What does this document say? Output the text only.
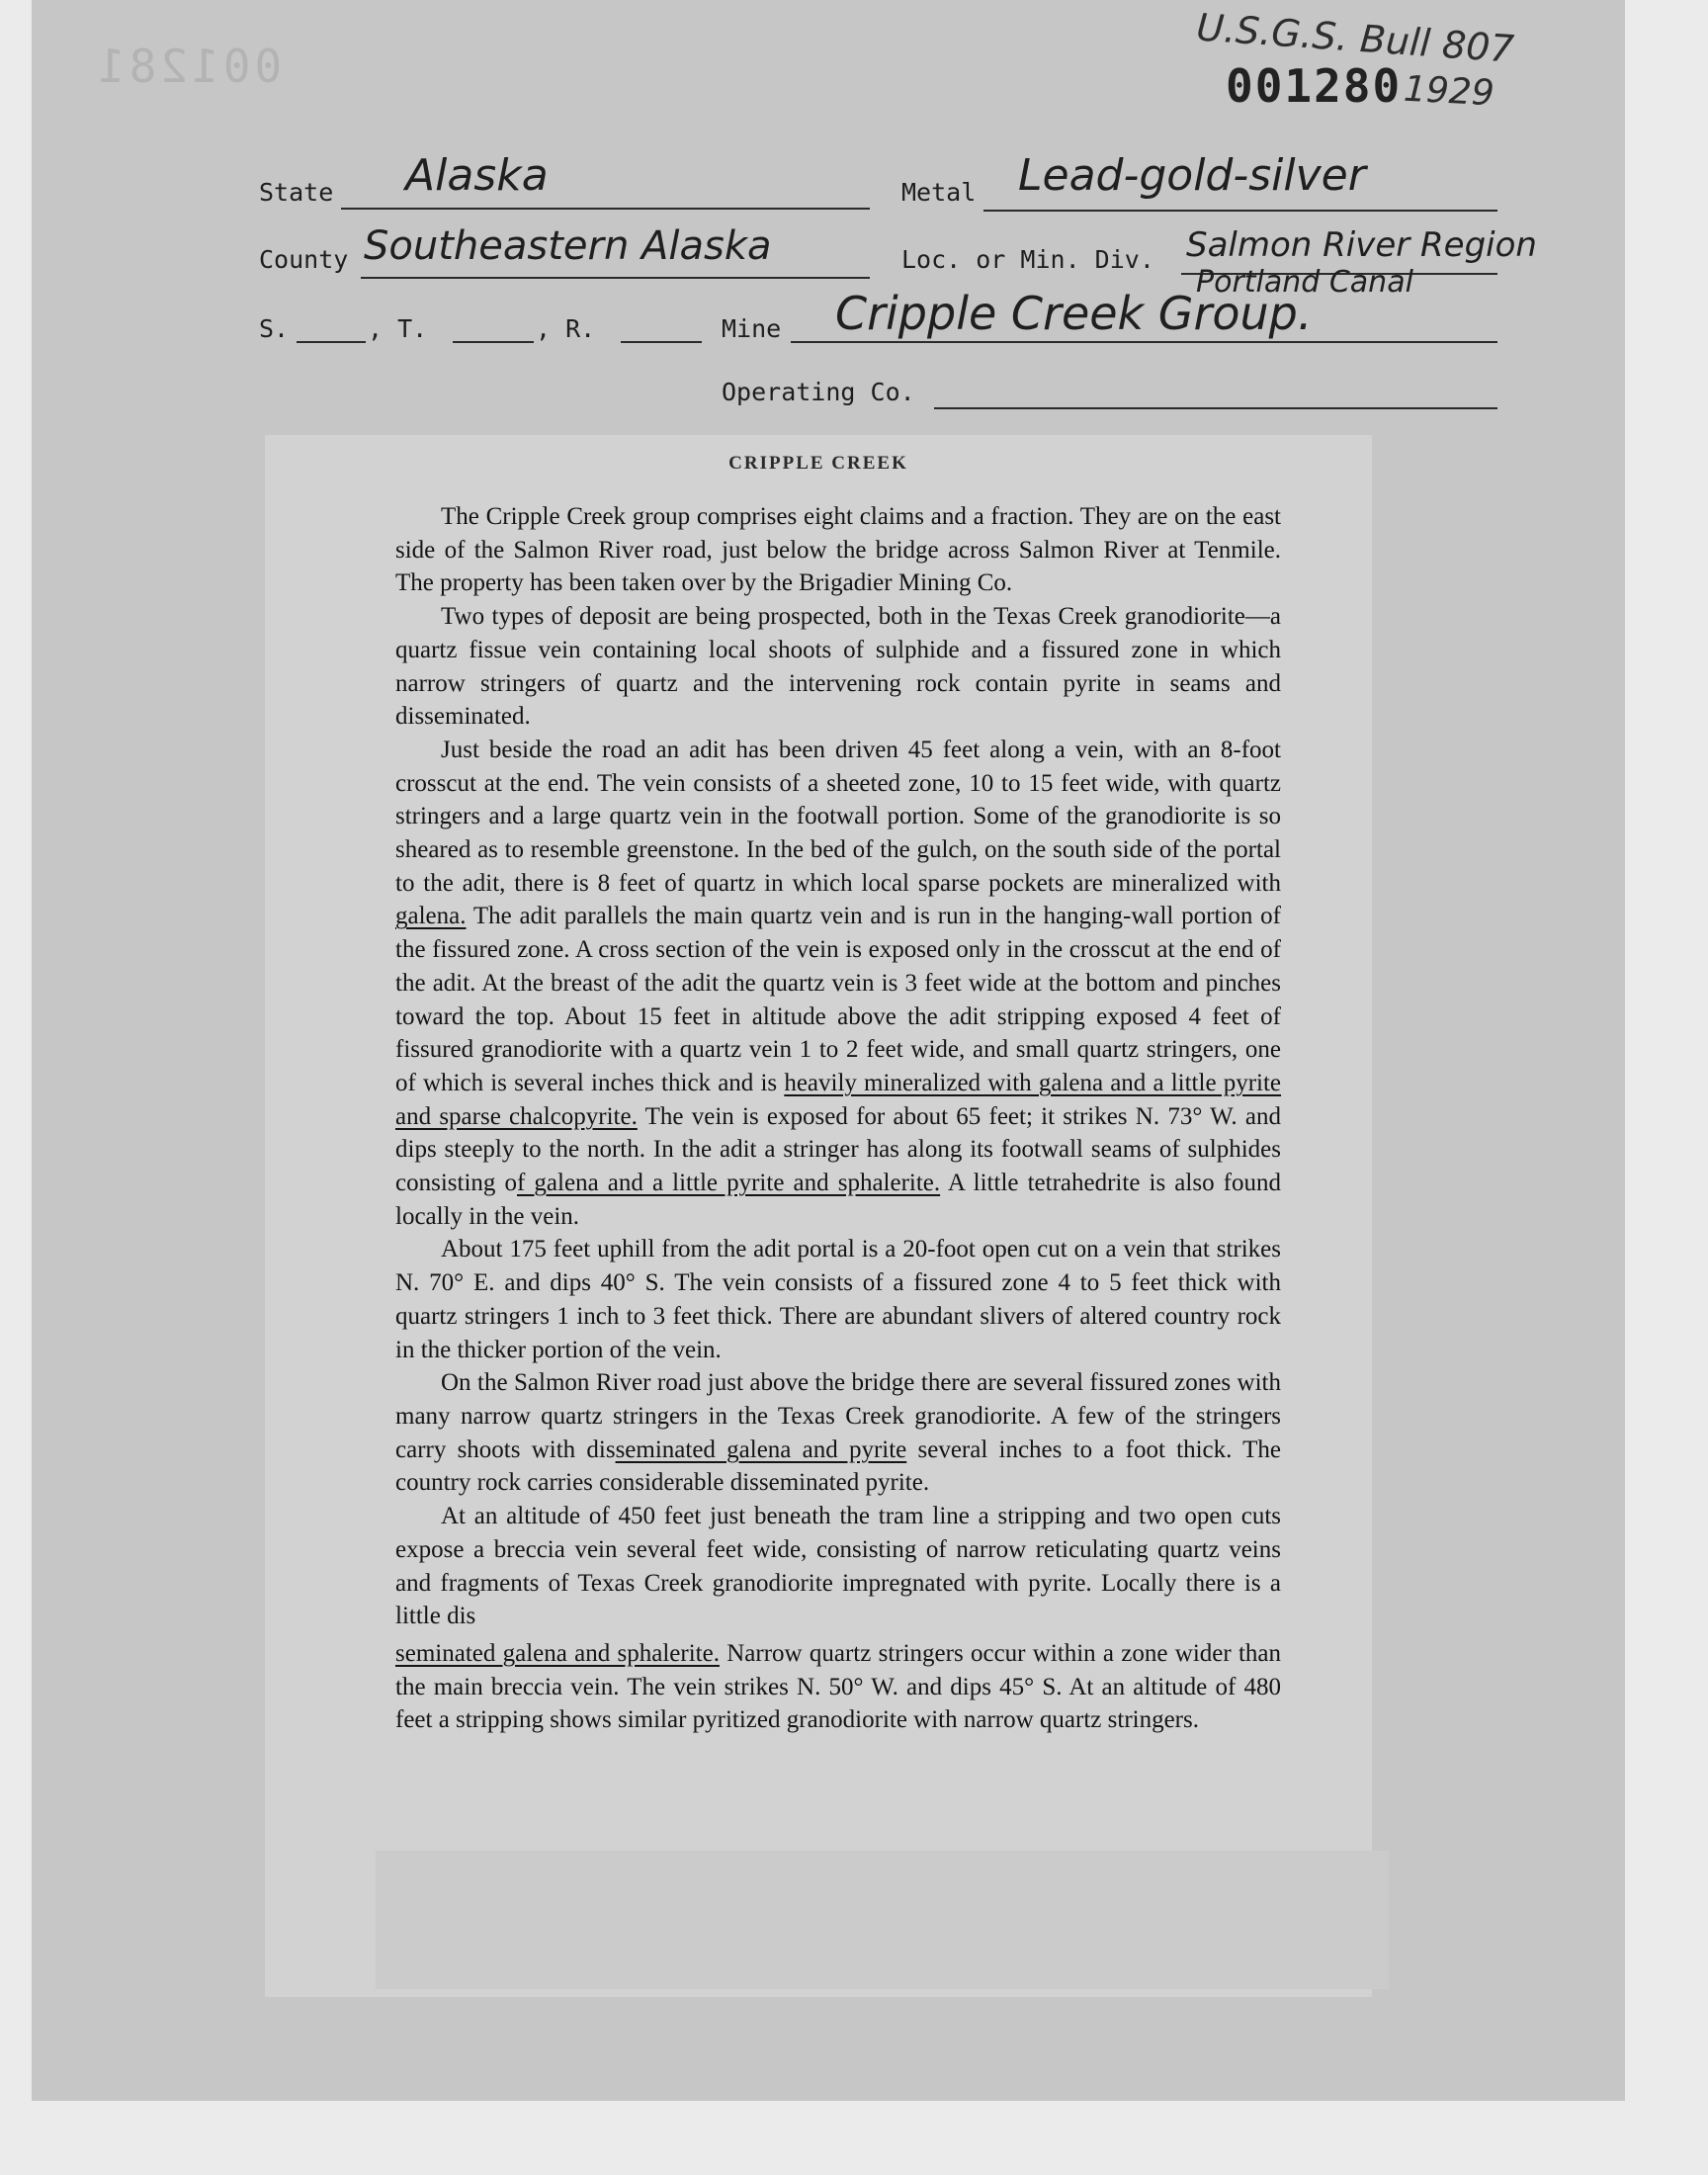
001281	U.S.G.S. Bull 807
001280 1929
State Alaska	Metal Lead-gold-silver
County Southeastern Alaska	Loc. or Min. Div. Salmon River Region
Portland Canal
S.	, T.	, R.	Mine Cripple Creek Group.
Operating Co.
CRIPPLE CREEK

The Cripple Creek group comprises eight claims and a fraction. They are on the east side of the Salmon River road, just below the bridge across Salmon River at Tenmile. The property has been taken over by the Brigadier Mining Co.

Two types of deposit are being prospected, both in the Texas Creek granodiorite—a quartz fissue vein containing local shoots of sulphide and a fissured zone in which narrow stringers of quartz and the intervening rock contain pyrite in seams and disseminated.

Just beside the road an adit has been driven 45 feet along a vein, with an 8-foot crosscut at the end. The vein consists of a sheeted zone, 10 to 15 feet wide, with quartz stringers and a large quartz vein in the footwall portion. Some of the granodiorite is so sheared as to resemble greenstone. In the bed of the gulch, on the south side of the portal to the adit, there is 8 feet of quartz in which local sparse pockets are mineralized with galena. The adit parallels the main quartz vein and is run in the hanging-wall portion of the fissured zone. A cross section of the vein is exposed only in the crosscut at the end of the adit. At the breast of the adit the quartz vein is 3 feet wide at the bottom and pinches toward the top. About 15 feet in altitude above the adit stripping exposed 4 feet of fissured granodiorite with a quartz vein 1 to 2 feet wide, and small quartz stringers, one of which is several inches thick and is heavily mineralized with galena and a little pyrite and sparse chalcopyrite. The vein is exposed for about 65 feet; it strikes N. 73° W. and dips steeply to the north. In the adit a stringer has along its footwall seams of sulphides consisting of galena and a little pyrite and sphalerite. A little tetrahedrite is also found locally in the vein.

About 175 feet uphill from the adit portal is a 20-foot open cut on a vein that strikes N. 70° E. and dips 40° S. The vein consists of a fissured zone 4 to 5 feet thick with quartz stringers 1 inch to 3 feet thick. There are abundant slivers of altered country rock in the thicker portion of the vein.

On the Salmon River road just above the bridge there are several fissured zones with many narrow quartz stringers in the Texas Creek granodiorite. A few of the stringers carry shoots with disseminated galena and pyrite several inches to a foot thick. The country rock carries considerable disseminated pyrite.

At an altitude of 450 feet just beneath the tram line a stripping and two open cuts expose a breccia vein several feet wide, consisting of narrow reticulating quartz veins and fragments of Texas Creek granodiorite impregnated with pyrite. Locally there is a little dis

seminated galena and sphalerite. Narrow quartz stringers occur within a zone wider than the main breccia vein. The vein strikes N. 50° W. and dips 45° S. At an altitude of 480 feet a stripping shows similar pyritized granodiorite with narrow quartz stringers.
